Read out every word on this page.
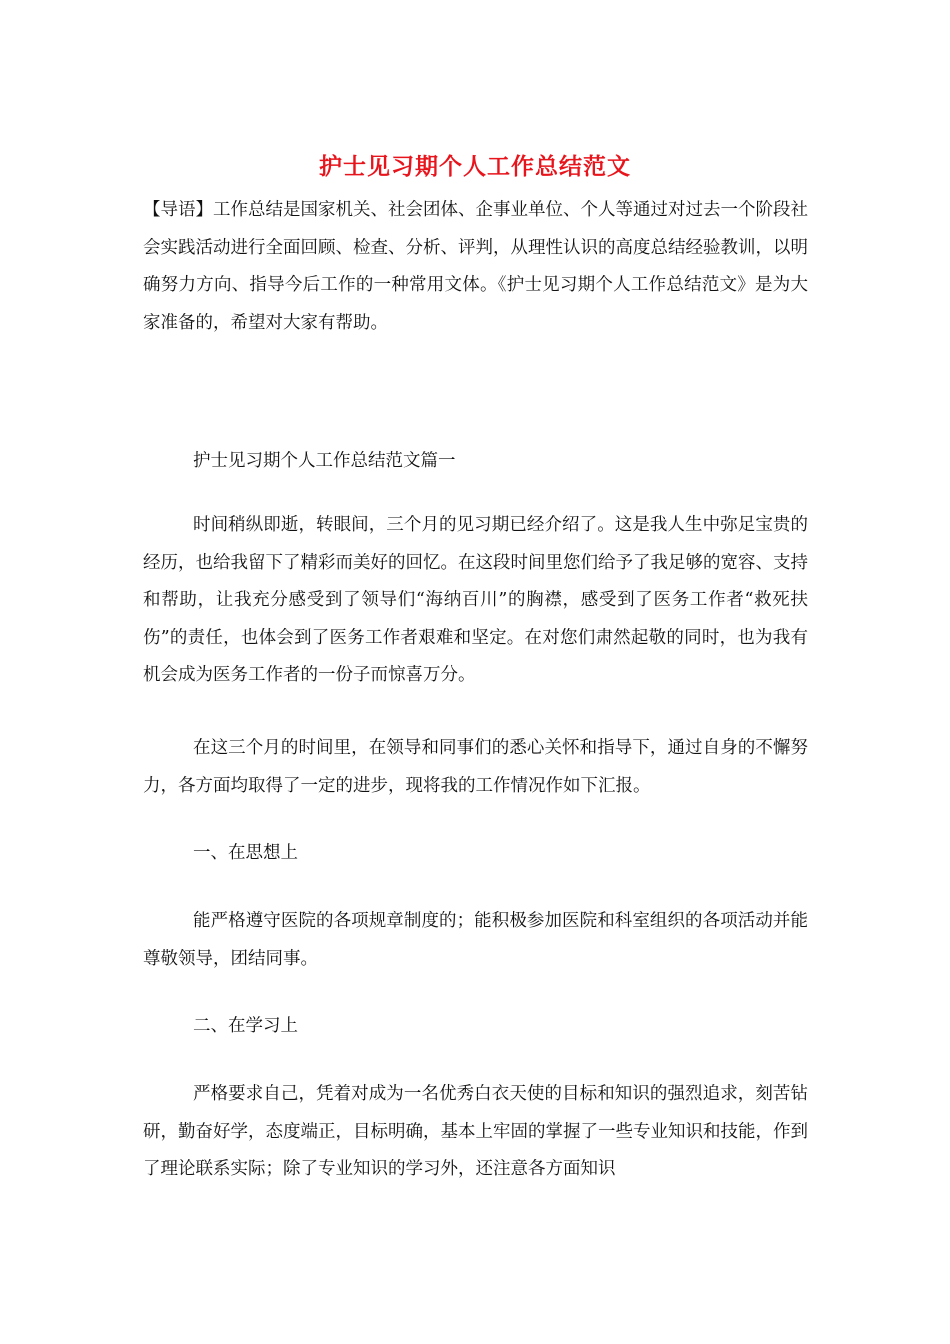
护士见习期个人工作总结范文
【导语】工作总结是国家机关、社会团体、企事业单位、个人等通过对过去一个阶段社会实践活动进行全面回顾、检查、分析、评判，从理性认识的高度总结经验教训，以明确努力方向、指导今后工作的一种常用文体。《护士见习期个人工作总结范文》是为大家准备的，希望对大家有帮助。
护士见习期个人工作总结范文篇一
时间稍纵即逝，转眼间，三个月的见习期已经介绍了。这是我人生中弥足宝贵的经历，也给我留下了精彩而美好的回忆。在这段时间里您们给予了我足够的宽容、支持和帮助，让我充分感受到了领导们“海纳百川”的胸襟，感受到了医务工作者“救死扶伤”的责任，也体会到了医务工作者艰难和坚定。在对您们肃然起敬的同时，也为我有机会成为医务工作者的一份子而惊喜万分。
在这三个月的时间里，在领导和同事们的悉心关怀和指导下，通过自身的不懈努力，各方面均取得了一定的进步，现将我的工作情况作如下汇报。
一、在思想上
能严格遵守医院的各项规章制度的；能积极参加医院和科室组织的各项活动并能尊敬领导，团结同事。
二、在学习上
严格要求自己，凭着对成为一名优秀白衣天使的目标和知识的强烈追求，刻苦钻研，勤奋好学，态度端正，目标明确，基本上牢固的掌握了一些专业知识和技能，作到了理论联系实际；除了专业知识的学习外，还注意各方面知识
